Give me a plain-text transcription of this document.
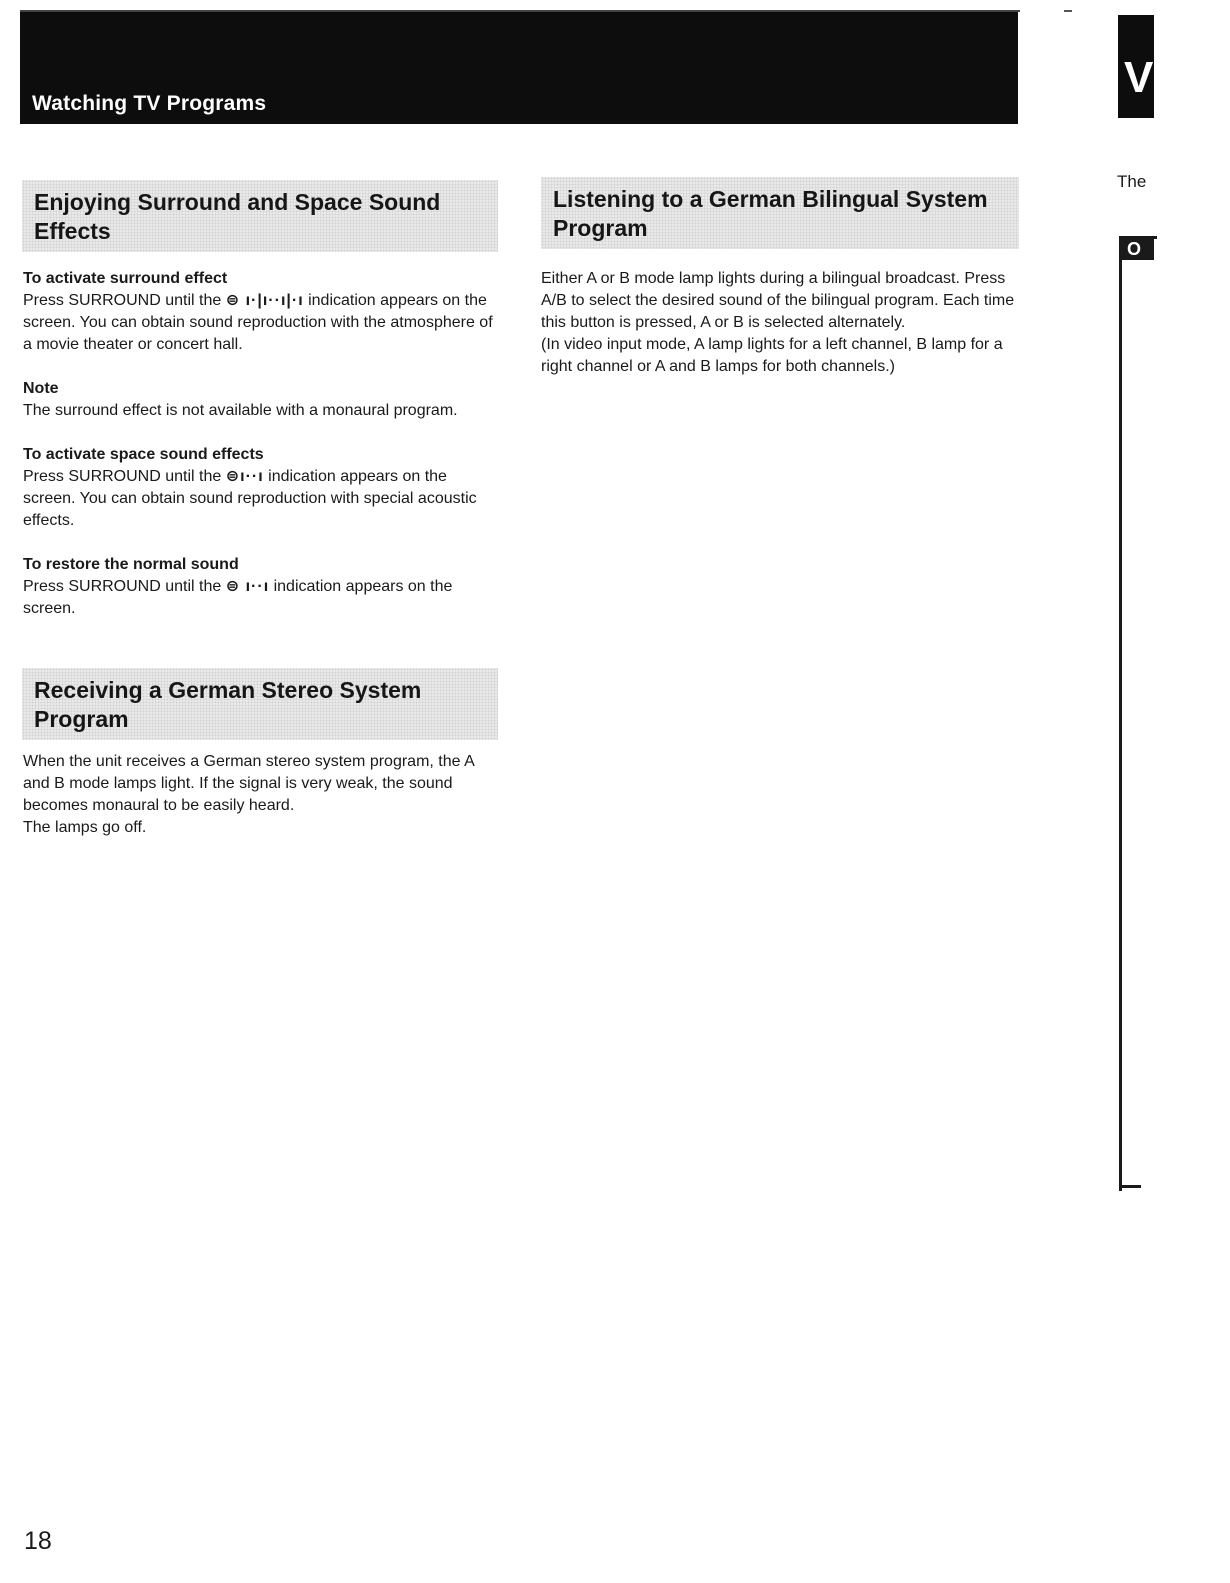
Watching TV Programs
V
The
O
Enjoying Surround and Space Sound Effects

To activate surround effect

Press SURROUND until the ⊜ ı·|ı··ı|·ı indication appears on the screen. You can obtain sound reproduction with the atmosphere of a movie theater or concert hall.

Note

The surround effect is not available with a monaural program.

To activate space sound effects

Press SURROUND until the ⊜ı··ı indication appears on the screen. You can obtain sound reproduction with special acoustic effects.

To restore the normal sound

Press SURROUND until the ⊜ ı··ı indication appears on the screen.

Receiving a German Stereo System Program

When the unit receives a German stereo system program, the A and B mode lamps light. If the signal is very weak, the sound becomes monaural to be easily heard.

The lamps go off.

Listening to a German Bilingual System Program

Either A or B mode lamp lights during a bilingual broadcast. Press A/B to select the desired sound of the bilingual program. Each time this button is pressed, A or B is selected alternately.

(In video input mode, A lamp lights for a left channel, B lamp for a right channel or A and B lamps for both channels.)

18
